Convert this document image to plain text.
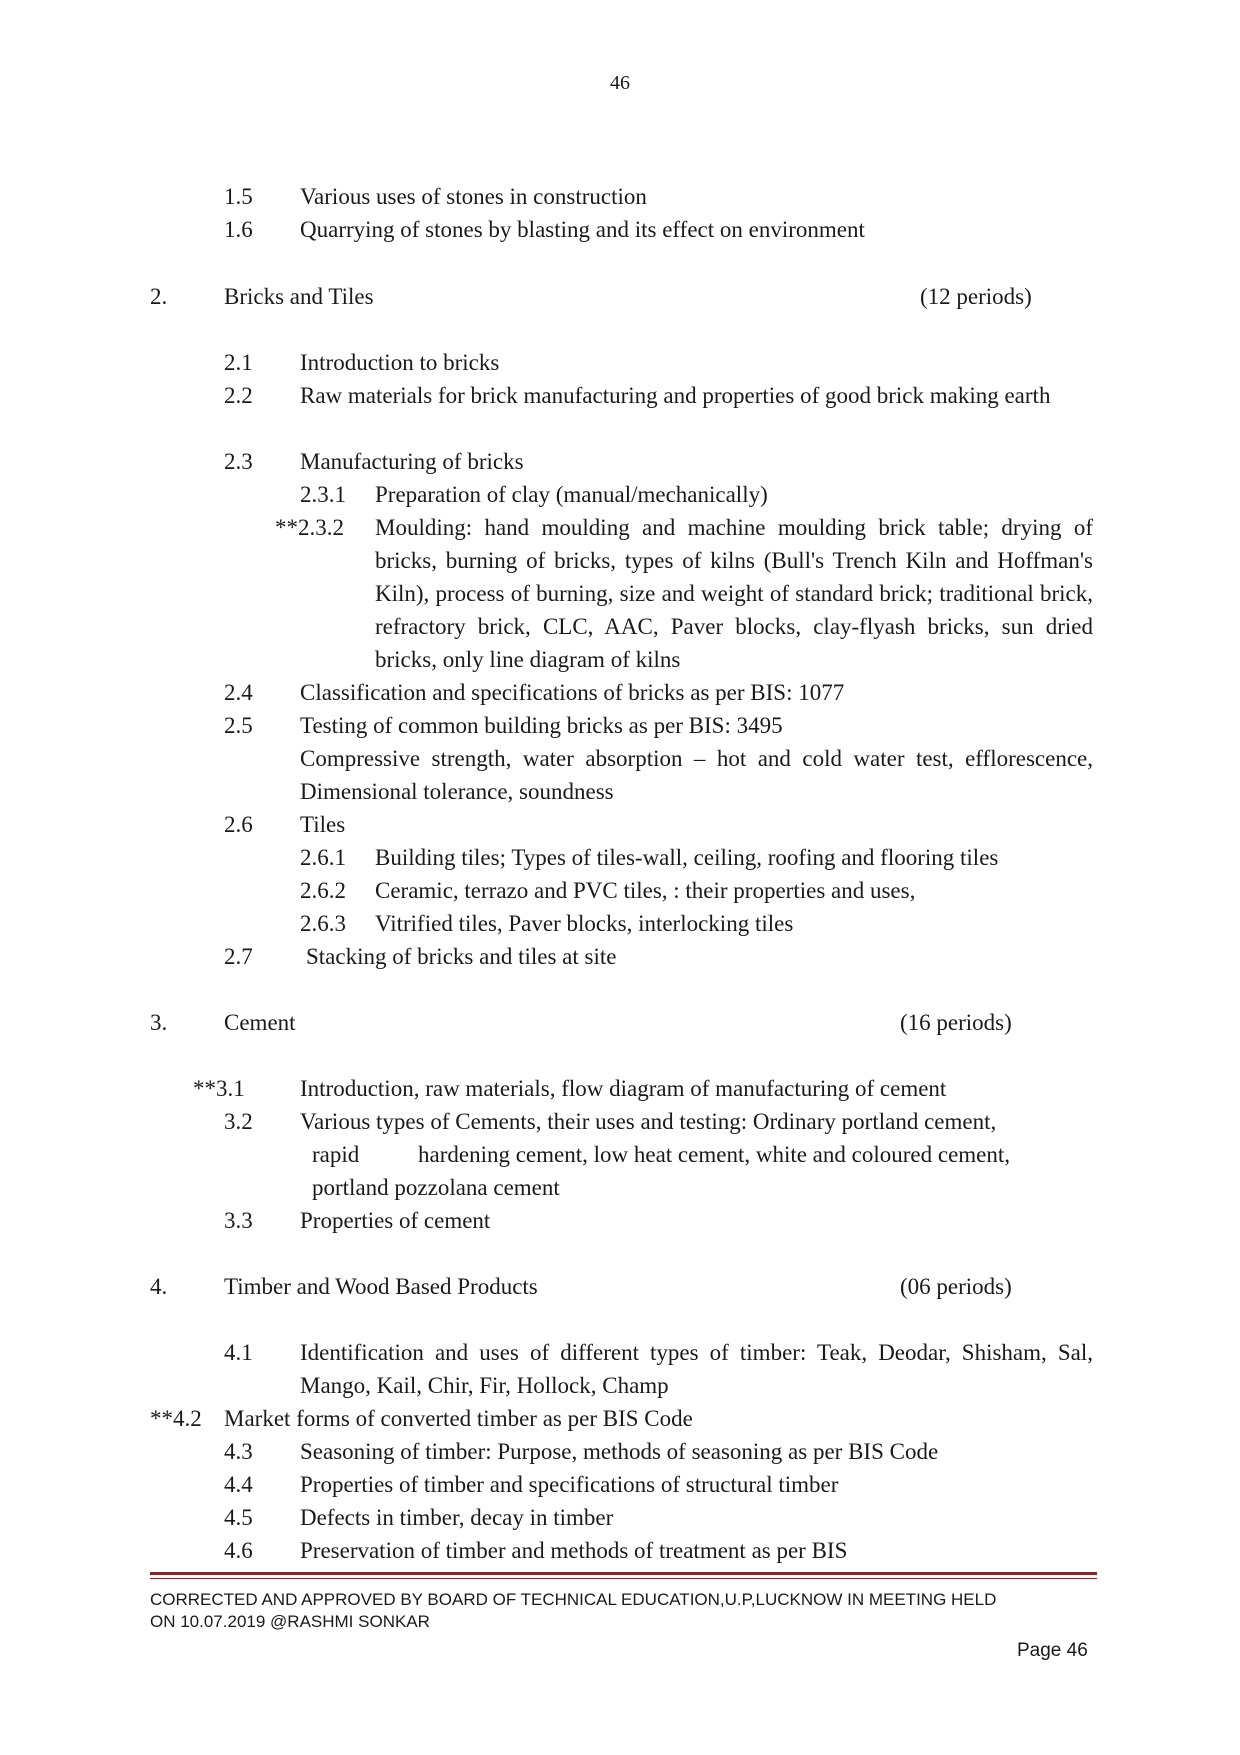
46
1.5 Various uses of stones in construction
1.6 Quarrying of stones by blasting and its effect on environment
2. Bricks and Tiles	(12 periods)
2.1 Introduction to bricks
2.2 Raw materials for brick manufacturing and properties of good brick making earth
2.3 Manufacturing of bricks
2.3.1 Preparation of clay (manual/mechanically)
**2.3.2 Moulding: hand moulding and machine moulding brick table; drying of bricks, burning of bricks, types of kilns (Bull's Trench Kiln and Hoffman's Kiln), process of burning, size and weight of standard brick; traditional brick, refractory brick, CLC, AAC, Paver blocks, clay-flyash bricks, sun dried bricks, only line diagram of kilns
2.4 Classification and specifications of bricks as per BIS: 1077
2.5 Testing of common building bricks as per BIS: 3495
Compressive strength, water absorption – hot and cold water test, efflorescence, Dimensional tolerance, soundness
2.6 Tiles
2.6.1 Building tiles; Types of tiles-wall, ceiling, roofing and flooring tiles
2.6.2 Ceramic, terrazo and PVC tiles, : their properties and uses,
2.6.3 Vitrified tiles, Paver blocks, interlocking tiles
2.7 Stacking of bricks and tiles at site
3. Cement	(16 periods)
**3.1 Introduction, raw materials, flow diagram of manufacturing of cement
3.2 Various types of Cements, their uses and testing: Ordinary portland cement,
rapid	hardening cement, low heat cement, white and coloured cement,
portland pozzolana cement
3.3 Properties of cement
4. Timber and Wood Based Products	(06 periods)
4.1 Identification and uses of different types of timber: Teak, Deodar, Shisham, Sal, Mango, Kail, Chir, Fir, Hollock, Champ
**4.2 Market forms of converted timber as per BIS Code
4.3 Seasoning of timber: Purpose, methods of seasoning as per BIS Code
4.4 Properties of timber and specifications of structural timber
4.5 Defects in timber, decay in timber
4.6 Preservation of timber and methods of treatment as per BIS
CORRECTED AND APPROVED BY BOARD OF TECHNICAL EDUCATION,U.P,LUCKNOW IN MEETING HELD
ON 10.07.2019 @RASHMI SONKAR
Page 46
